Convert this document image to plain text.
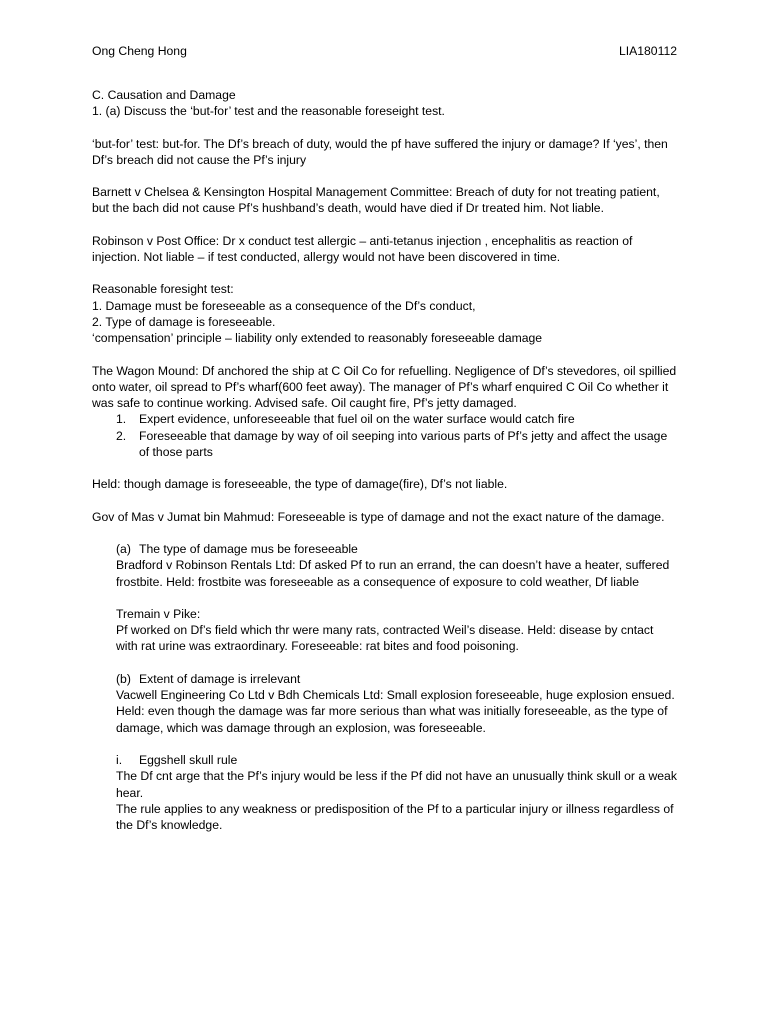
Ong Cheng Hong	LIA180112

C. Causation and Damage

1. (a) Discuss the ‘but-for’ test and the reasonable foreseight test.

‘but-for’ test: but-for. The Df’s breach of duty, would the pf have suffered the injury or damage? If ‘yes’, then Df’s breach did not cause the Pf’s injury

Barnett v Chelsea & Kensington Hospital Management Committee: Breach of duty for not treating patient, but the bach did not cause Pf’s hushband’s death, would have died if Dr treated him. Not liable.

Robinson v Post Office: Dr x conduct test allergic – anti-tetanus injection , encephalitis as reaction of injection. Not liable – if test conducted, allergy would not have been discovered in time.

Reasonable foresight test:

1. Damage must be foreseeable as a consequence of the Df’s conduct,

2. Type of damage is foreseeable.

‘compensation’ principle – liability only extended to reasonably foreseeable damage

The Wagon Mound: Df anchored the ship at C Oil Co for refuelling. Negligence of Df’s stevedores, oil spillied onto water, oil spread to Pf’s wharf(600 feet away). The manager of Pf’s wharf enquired C Oil Co whether it was safe to continue working. Advised safe. Oil caught fire, Pf’s jetty damaged.

1. Expert evidence, unforeseeable that fuel oil on the water surface would catch fire
2. Foreseeable that damage by way of oil seeping into various parts of Pf’s jetty and affect the usage of those parts

Held: though damage is foreseeable, the type of damage(fire), Df’s not liable.

Gov of Mas v Jumat bin Mahmud: Foreseeable is type of damage and not the exact nature of the damage.

(a) The type of damage mus be foreseeable

Bradford v Robinson Rentals Ltd: Df asked Pf to run an errand, the can doesn’t have a heater, suffered frostbite. Held: frostbite was foreseeable as a consequence of exposure to cold weather, Df liable

Tremain v Pike:

Pf worked on Df’s field which thr were many rats, contracted Weil’s disease. Held: disease by cntact with rat urine was extraordinary. Foreseeable: rat bites and food poisoning.

(b) Extent of damage is irrelevant

Vacwell Engineering Co Ltd v Bdh Chemicals Ltd: Small explosion foreseeable, huge explosion ensued. Held: even though the damage was far more serious than what was initially foreseeable, as the type of damage, which was damage through an explosion, was foreseeable.

i. Eggshell skull rule

The Df cnt arge that the Pf’s injury would be less if the Pf did not have an unusually think skull or a weak hear.

The rule applies to any weakness or predisposition of the Pf to a particular injury or illness regardless of the Df’s knowledge.
